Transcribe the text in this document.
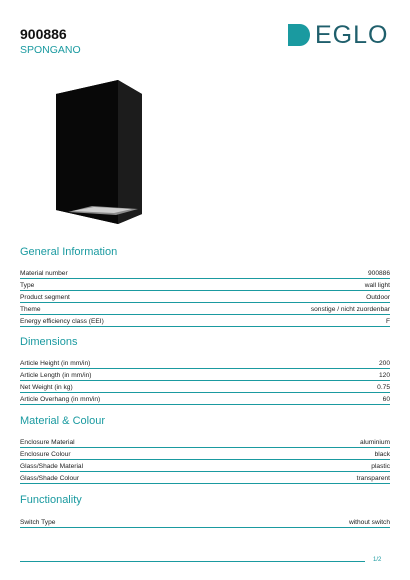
900886
SPONGANO
EGLO
General Information
Material number	900886
Type	wall light
Product segment	Outdoor
Theme	sonstige / nicht zuordenbar
Energy efficiency class (EEI)	F
Dimensions
Article Height (in mm/in)	200
Article Length (in mm/in)	120
Net Weight (in kg)	0.75
Article Overhang (in mm/in)	60
Material & Colour
Enclosure Material	aluminium
Enclosure Colour	black
Glass/Shade Material	plastic
Glass/Shade Colour	transparent
Functionality
Switch Type	without switch
1/2
